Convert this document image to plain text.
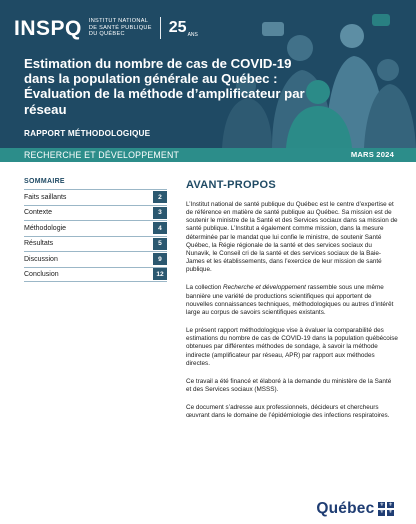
INSPQ INSTITUT NATIONAL
DE SANTÉ PUBLIQUE
DU QUÉBEC	$25_{ANS}$
Estimation du nombre de cas de COVID-19 dans la population générale au Québec : Évaluation de la méthode d’amplificateur par réseau
RAPPORT MÉTHODOLOGIQUE
RECHERCHE ET DÉVELOPPEMENT	MARS 2024
SOMMAIRE
Faits saillants	2
Contexte	3
Méthodologie	4
Résultats	5
Discussion	9
Conclusion	12
AVANT-PROPOS

L’Institut national de santé publique du Québec est le centre d’expertise et de référence en matière de santé publique au Québec. Sa mission est de soutenir le ministre de la Santé et des Services sociaux dans sa mission de santé publique. L’Institut a également comme mission, dans la mesure déterminée par le mandat que lui confie le ministre, de soutenir Santé Québec, la Régie régionale de la santé et des services sociaux du Nunavik, le Conseil cri de la santé et des services sociaux de la Baie-James et les établissements, dans l’exercice de leur mission de santé publique.

La collection Recherche et développement rassemble sous une même bannière une variété de productions scientifiques qui apportent de nouvelles connaissances techniques, méthodologiques ou autres d’intérêt large au corpus de savoirs scientifiques existants.

Le présent rapport méthodologique vise à évaluer la comparabilité des estimations du nombre de cas de COVID-19 dans la population québécoise obtenues par différentes méthodes de sondage, à savoir la méthode indirecte (amplificateur par réseau, APR) par rapport aux méthodes directes.

Ce travail a été financé et élaboré à la demande du ministère de la Santé et des Services sociaux (MSSS).

Ce document s’adresse aux professionnels, décideurs et chercheurs œuvrant dans le domaine de l’épidémiologie des infections respiratoires.

Québec ⚜ ⚜
⚜ ⚜
